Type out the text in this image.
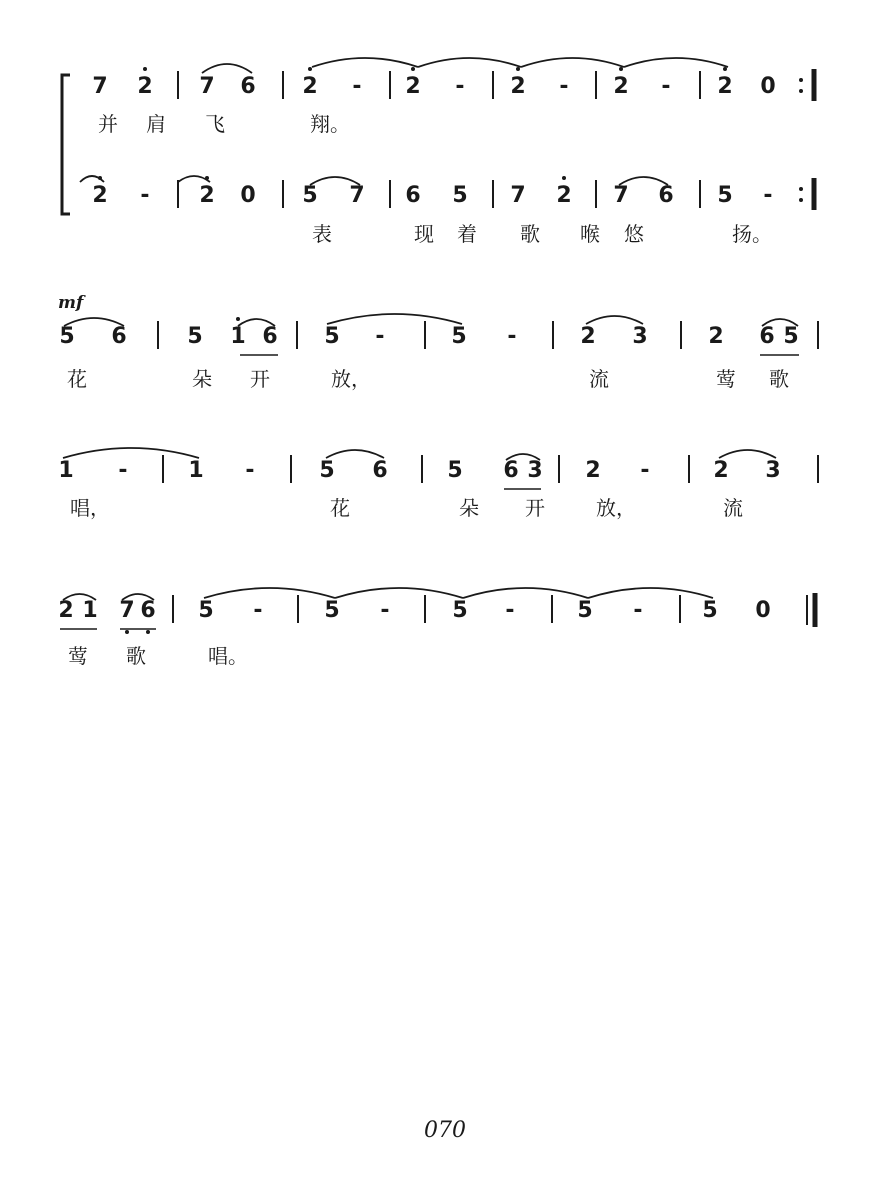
070
7 2 7 6 2 - 2 - 2 - 2 - 2 0
并 肩 飞	翔。
2 - 2 0 5 7 6 5 7 2 7 6 5 -
表	现 着 歌 喉 悠	扬。
5 6	5 1 6 5 -	5 -	2 3	2 6 5
花	朵 开	放，	流	莺 歌
1 -	1 -	5 6	5 6 3 2 -	2 3
唱，	花	朵 开	放，	流
2 1 7 6 5 -	5 -	5 -	5 -	5 0
莺 歌	唱。
mf
